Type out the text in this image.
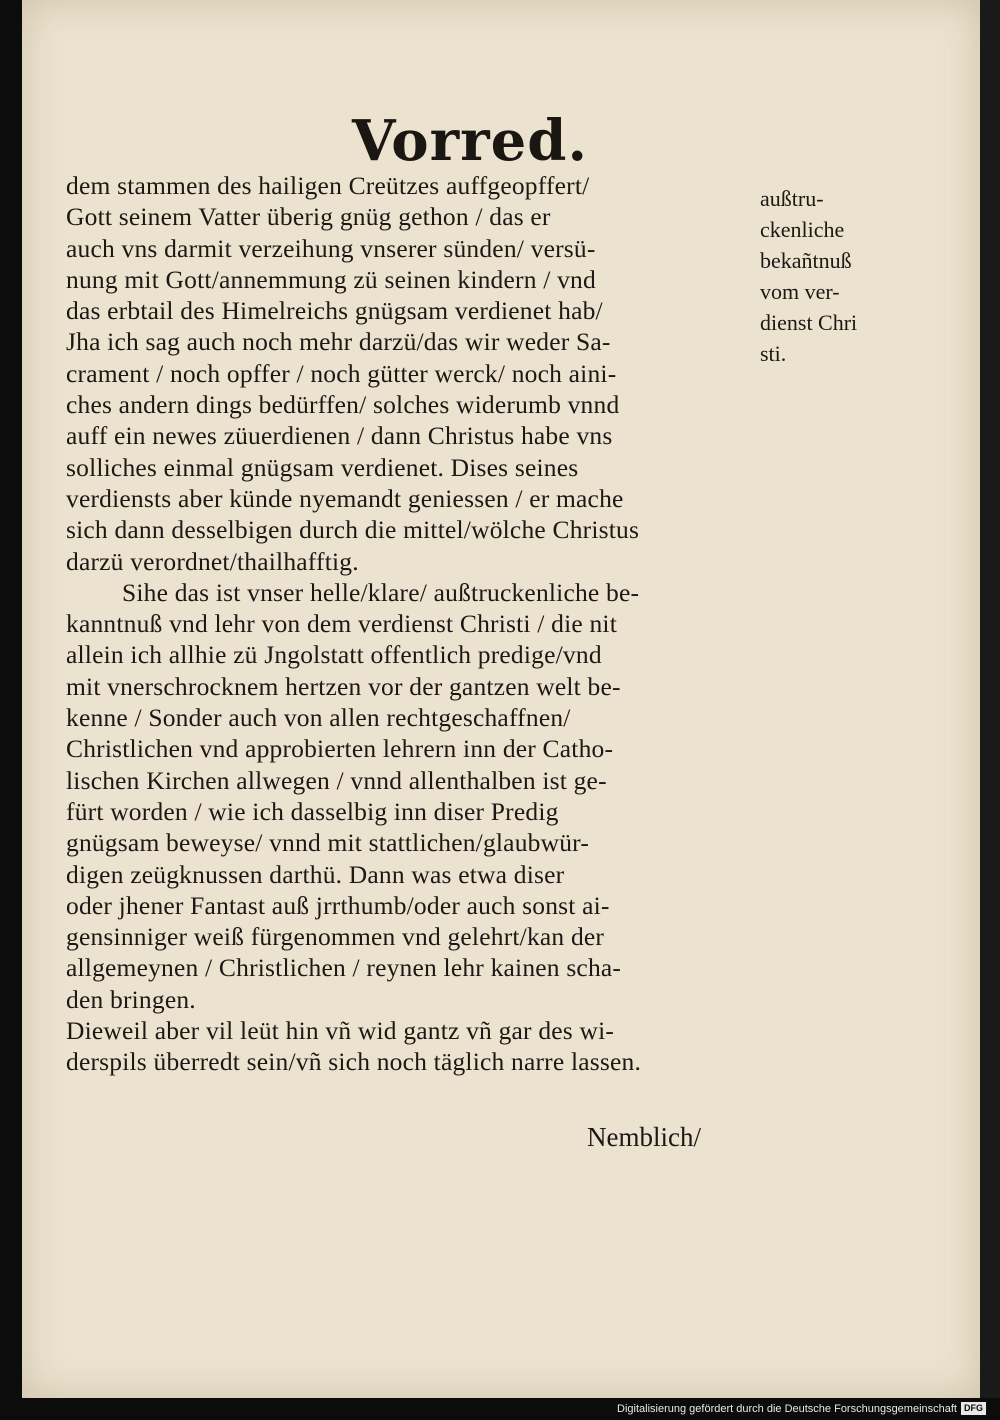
Vorred.
dem stammen des hailigen Creützes auffgeopffert/
Gott seinem Vatter überig gnüg gethon / das er
auch vns darmit verzeihung vnserer sünden/ versü-
nung mit Gott/annemmung zü seinen kindern / vnd
das erbtail des Himelreichs gnügsam verdienet hab/
Jha ich sag auch noch mehr darzü/das wir weder Sa-
crament / noch opffer / noch gütter werck/ noch aini-
ches andern dings bedürffen/ solches widerumb vnnd
auff ein newes züuerdienen / dann Christus habe vns
solliches einmal gnügsam verdienet. Dises seines
verdiensts aber künde nyemandt geniessen / er mache
sich dann desselbigen durch die mittel/wölche Christus
darzü verordnet/thailhafftig.
Sihe das ist vnser helle/klare/ außtruckenliche be-
kanntnuß vnd lehr von dem verdienst Christi / die nit
allein ich allhie zü Jngolstatt offentlich predige/vnd
mit vnerschrocknem hertzen vor der gantzen welt be-
kenne / Sonder auch von allen rechtgeschaffnen/
Christlichen vnd approbierten lehrern inn der Catho-
lischen Kirchen allwegen / vnnd allenthalben ist ge-
fürt worden / wie ich dasselbig inn diser Predig
gnügsam beweyse/ vnnd mit stattlichen/glaubwür-
digen zeügknussen darthü. Dann was etwa diser
oder jhener Fantast auß jrrthumb/oder auch sonst ai-
gensinniger weiß fürgenommen vnd gelehrt/kan der
allgemeynen / Christlichen / reynen lehr kainen scha-
den bringen.
Dieweil aber vil leüt hin vñ wid gantz vñ gar des wi-
derspils überredt sein/vñ sich noch täglich narre lassen.
Nemblich/
außtru-
ckenliche
bekañtnuß
vom ver-
dienst Chri
sti.
Digitalisierung gefördert durch die Deutsche Forschungsgemeinschaft DFG
